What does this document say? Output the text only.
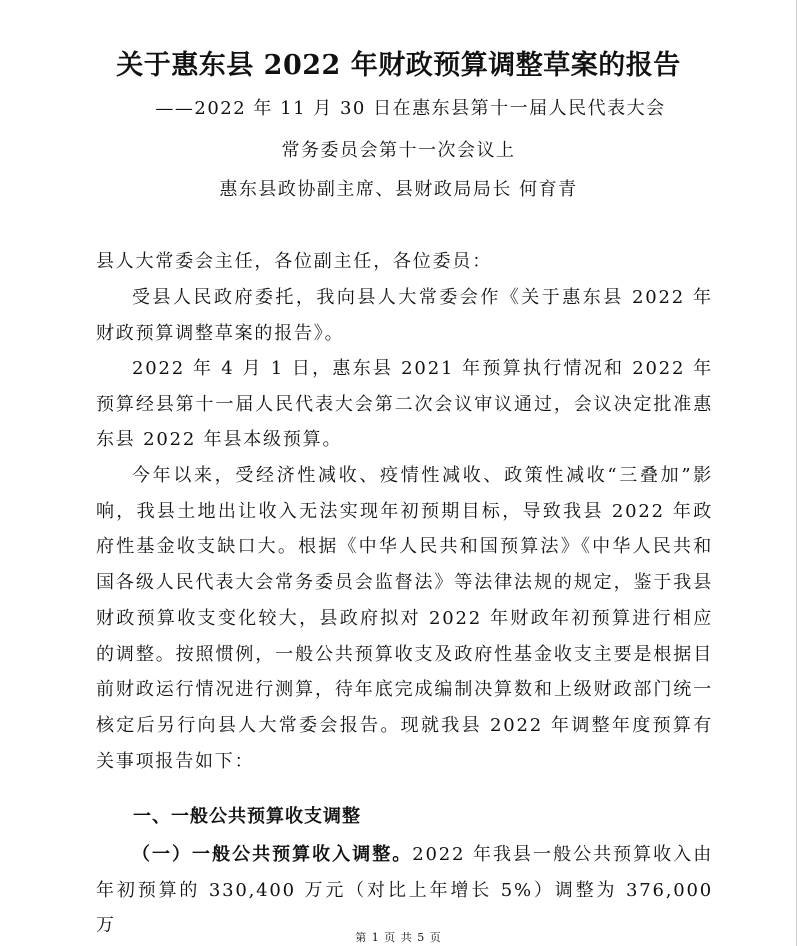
关于惠东县 2022 年财政预算调整草案的报告

——2022 年 11 月 30 日在惠东县第十一届人民代表大会

常务委员会第十一次会议上

惠东县政协副主席、县财政局局长 何育青

县人大常委会主任，各位副主任，各位委员：

受县人民政府委托，我向县人大常委会作《关于惠东县 2022 年财政预算调整草案的报告》。

2022 年 4 月 1 日，惠东县 2021 年预算执行情况和 2022 年预算经县第十一届人民代表大会第二次会议审议通过，会议决定批准惠东县 2022 年县本级预算。

今年以来，受经济性减收、疫情性减收、政策性减收“三叠加”影响，我县土地出让收入无法实现年初预期目标，导致我县 2022 年政府性基金收支缺口大。根据《中华人民共和国预算法》《中华人民共和国各级人民代表大会常务委员会监督法》等法律法规的规定，鉴于我县财政预算收支变化较大，县政府拟对 2022 年财政年初预算进行相应的调整。按照惯例，一般公共预算收支及政府性基金收支主要是根据目前财政运行情况进行测算，待年底完成编制决算数和上级财政部门统一核定后另行向县人大常委会报告。现就我县 2022 年调整年度预算有关事项报告如下：

一、一般公共预算收支调整

（一）一般公共预算收入调整。2022 年我县一般公共预算收入由年初预算的 330,400 万元（对比上年增长 5%）调整为 376,000 万

第 1 页 共 5 页
